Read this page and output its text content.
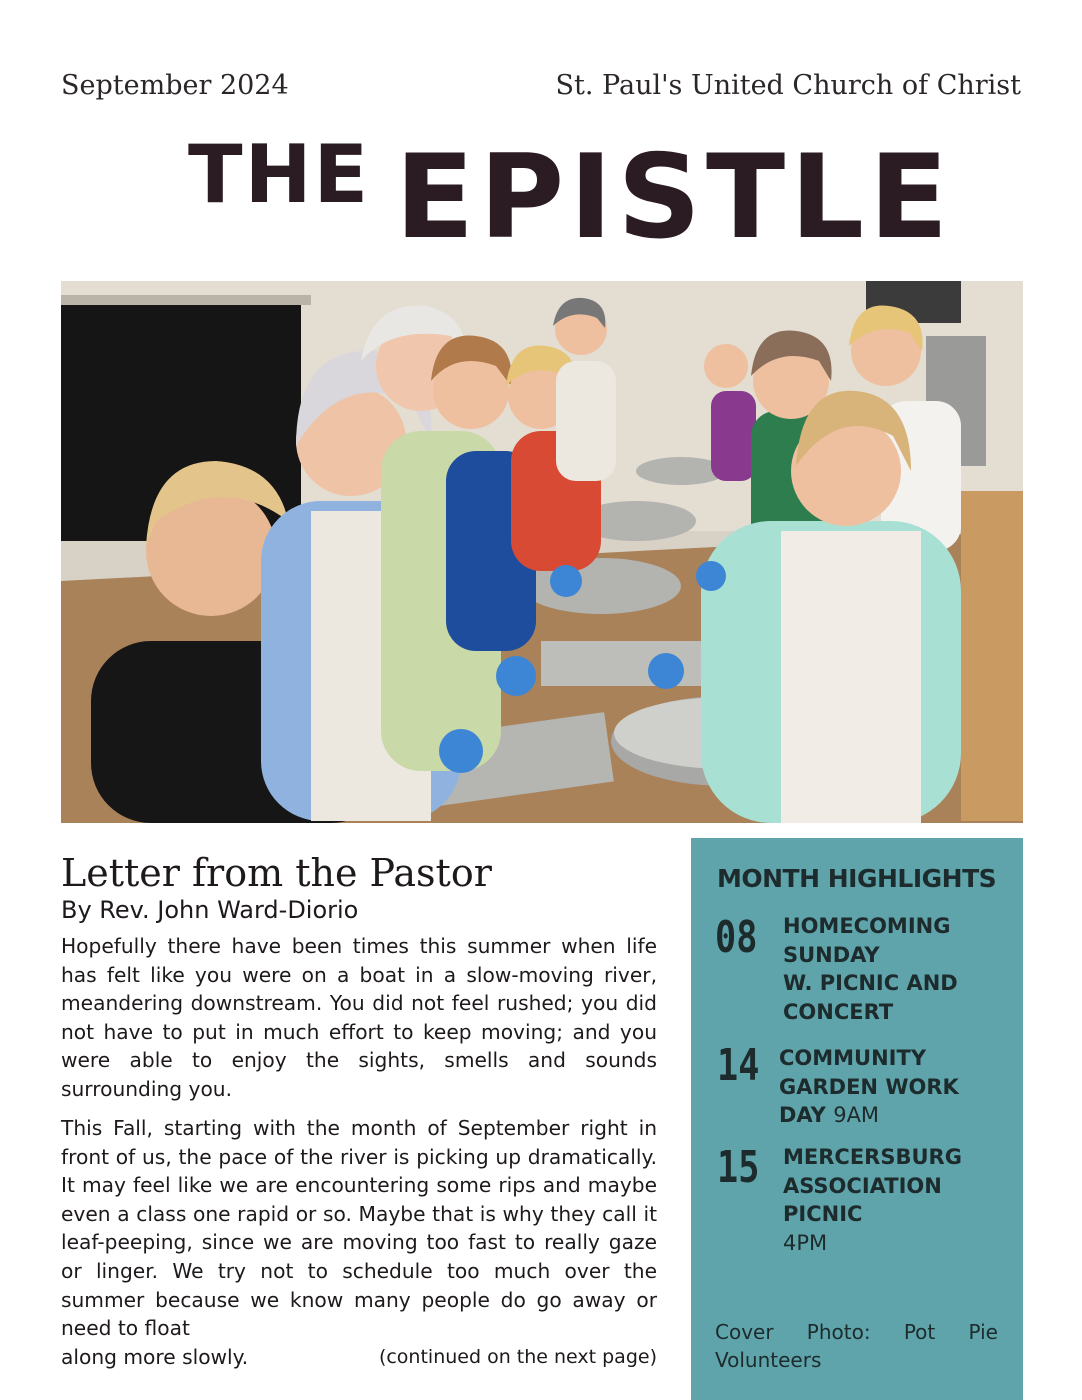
September 2024	St. Paul's United Church of Christ
THE EPISTLE
Letter from the Pastor
By Rev. John Ward-Diorio
Hopefully there have been times this summer when life has felt like you were on a boat in a slow-moving river, meandering downstream. You did not feel rushed; you did not have to put in much effort to keep moving; and you were able to enjoy the sights, smells and sounds surrounding you.
This Fall, starting with the month of September right in front of us, the pace of the river is picking up dramatically. It may feel like we are encountering some rips and maybe even a class one rapid or so. Maybe that is why they call it leaf-peeping, since we are moving too fast to really gaze or linger. We try not to schedule too much over the summer because we know many people do go away or need to float
along more slowly.	(continued on the next page)
MONTH HIGHLIGHTS
08 HOMECOMING
SUNDAY
W. PICNIC AND
CONCERT
14 COMMUNITY
GARDEN WORK
DAY 9AM
15 MERCERSBURG
ASSOCIATION
PICNIC
4PM
Cover Photo: Pot Pie
Volunteers
